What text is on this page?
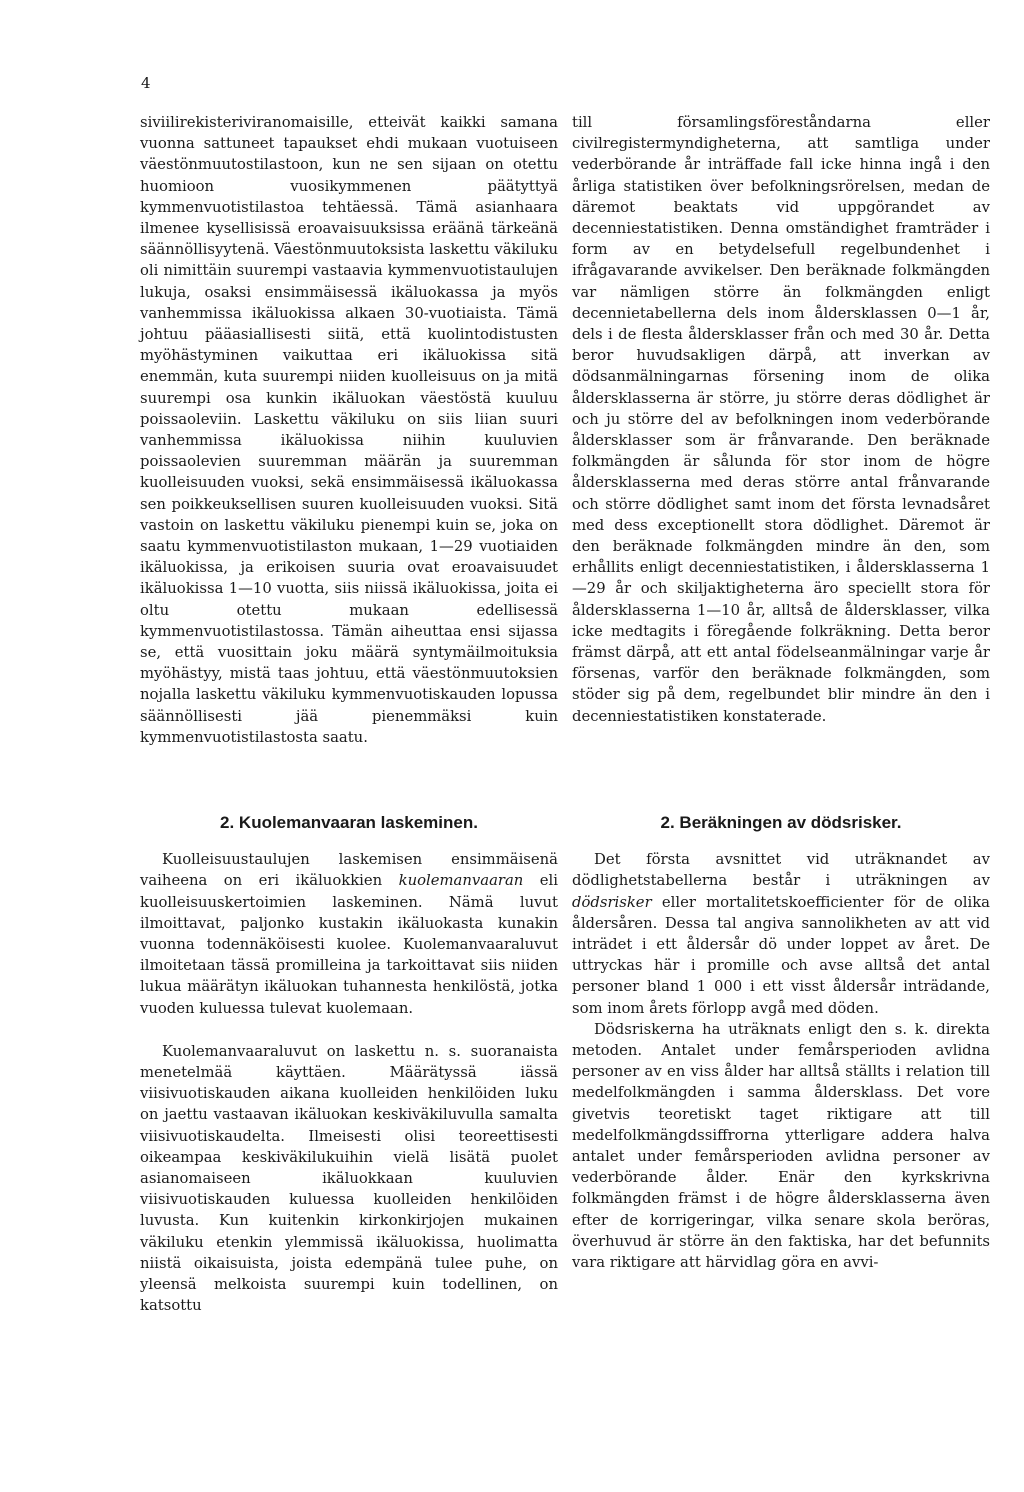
4

siviilirekisteriviranomaisille, etteivät kaikki samana vuonna sattuneet tapaukset ehdi mukaan vuotuiseen väestönmuutostilastoon, kun ne sen sijaan on otettu huomioon vuosikymmenen päätyttyä kymmenvuotistilastoa tehtäessä. Tämä asianhaara ilmenee kysellisissä eroavaisuuksissa eräänä tärkeänä säännöllisyytenä. Väestönmuutoksista laskettu väkiluku oli nimittäin suurempi vastaavia kymmenvuotistaulujen lukuja, osaksi ensimmäisessä ikäluokassa ja myös vanhemmissa ikäluokissa alkaen 30-vuotiaista. Tämä johtuu pääasiallisesti siitä, että kuolintodistusten myöhästyminen vaikuttaa eri ikäluokissa sitä enemmän, kuta suurempi niiden kuolleisuus on ja mitä suurempi osa kunkin ikäluokan väestöstä kuuluu poissaoleviin. Laskettu väkiluku on siis liian suuri vanhemmissa ikäluokissa niihin kuuluvien poissaolevien suuremman määrän ja suuremman kuolleisuuden vuoksi, sekä ensimmäisessä ikäluokassa sen poikkeuksellisen suuren kuolleisuuden vuoksi. Sitä vastoin on laskettu väkiluku pienempi kuin se, joka on saatu kymmenvuotistilaston mukaan, 1—29 vuotiaiden ikäluokissa, ja erikoisen suuria ovat eroavaisuudet ikäluokissa 1—10 vuotta, siis niissä ikäluokissa, joita ei oltu otettu mukaan edellisessä kymmenvuotistilastossa. Tämän aiheuttaa ensi sijassa se, että vuosittain joku määrä syntymäilmoituksia myöhästyy, mistä taas johtuu, että väestönmuutoksien nojalla laskettu väkiluku kymmenvuotiskauden lopussa säännöllisesti jää pienemmäksi kuin kymmenvuotistilastosta saatu.

till församlingsföreståndarna eller civilregistermyndigheterna, att samtliga under vederbörande år inträffade fall icke hinna ingå i den årliga statistiken över befolkningsrörelsen, medan de däremot beaktats vid uppgörandet av decenniestatistiken. Denna omständighet framträder i form av en betydelsefull regelbundenhet i ifrågavarande avvikelser. Den beräknade folkmängden var nämligen större än folkmängden enligt decennietabellerna dels inom åldersklassen 0—1 år, dels i de flesta åldersklasser från och med 30 år. Detta beror huvudsakligen därpå, att inverkan av dödsanmälningarnas försening inom de olika åldersklasserna är större, ju större deras dödlighet är och ju större del av befolkningen inom vederbörande åldersklasser som är frånvarande. Den beräknade folkmängden är sålunda för stor inom de högre åldersklasserna med deras större antal frånvarande och större dödlighet samt inom det första levnadsåret med dess exceptionellt stora dödlighet. Däremot är den beräknade folkmängden mindre än den, som erhållits enligt decenniestatistiken, i åldersklasserna 1—29 år och skiljaktigheterna äro speciellt stora för åldersklasserna 1—10 år, alltså de åldersklasser, vilka icke medtagits i föregående folkräkning. Detta beror främst därpå, att ett antal födelseanmälningar varje år försenas, varför den beräknade folkmängden, som stöder sig på dem, regelbundet blir mindre än den i decenniestatistiken konstaterade.

2. Kuolemanvaaran laskeminen.

Kuolleisuustaulujen laskemisen ensimmäisenä vaiheena on eri ikäluokkien kuolemanvaaran eli kuolleisuuskertoimien laskeminen. Nämä luvut ilmoittavat, paljonko kustakin ikäluokasta kunakin vuonna todennäköisesti kuolee. Kuolemanvaaraluvut ilmoitetaan tässä promilleina ja tarkoittavat siis niiden lukua määrätyn ikäluokan tuhannesta henkilöstä, jotka vuoden kuluessa tulevat kuolemaan.

Kuolemanvaaraluvut on laskettu n. s. suoranaista menetelmää käyttäen. Määrätyssä iässä viisivuotiskauden aikana kuolleiden henkilöiden luku on jaettu vastaavan ikäluokan keskiväkiluvulla samalta viisivuotiskaudelta. Ilmeisesti olisi teoreettisesti oikeampaa keskiväkilukuihin vielä lisätä puolet asianomaiseen ikäluokkaan kuuluvien viisivuotiskauden kuluessa kuolleiden henkilöiden luvusta. Kun kuitenkin kirkonkirjojen mukainen väkiluku etenkin ylemmissä ikäluokissa, huolimatta niistä oikaisuista, joista edempänä tulee puhe, on yleensä melkoista suurempi kuin todellinen, on katsottu

2. Beräkningen av dödsrisker.

Det första avsnittet vid uträknandet av dödlighetstabellerna består i uträkningen av dödsrisker eller mortalitetskoefficienter för de olika åldersåren. Dessa tal angiva sannolikheten av att vid inträdet i ett åldersår dö under loppet av året. De uttryckas här i promille och avse alltså det antal personer bland 1 000 i ett visst åldersår inträdande, som inom årets förlopp avgå med döden.

Dödsriskerna ha uträknats enligt den s. k. direkta metoden. Antalet under femårsperioden avlidna personer av en viss ålder har alltså ställts i relation till medelfolkmängden i samma åldersklass. Det vore givetvis teoretiskt taget riktigare att till medelfolkmängdssiffrorna ytterligare addera halva antalet under femårsperioden avlidna personer av vederbörande ålder. Enär den kyrkskrivna folkmängden främst i de högre åldersklasserna även efter de korrigeringar, vilka senare skola beröras, överhuvud är större än den faktiska, har det befunnits vara riktigare att härvidlag göra en avvi-
